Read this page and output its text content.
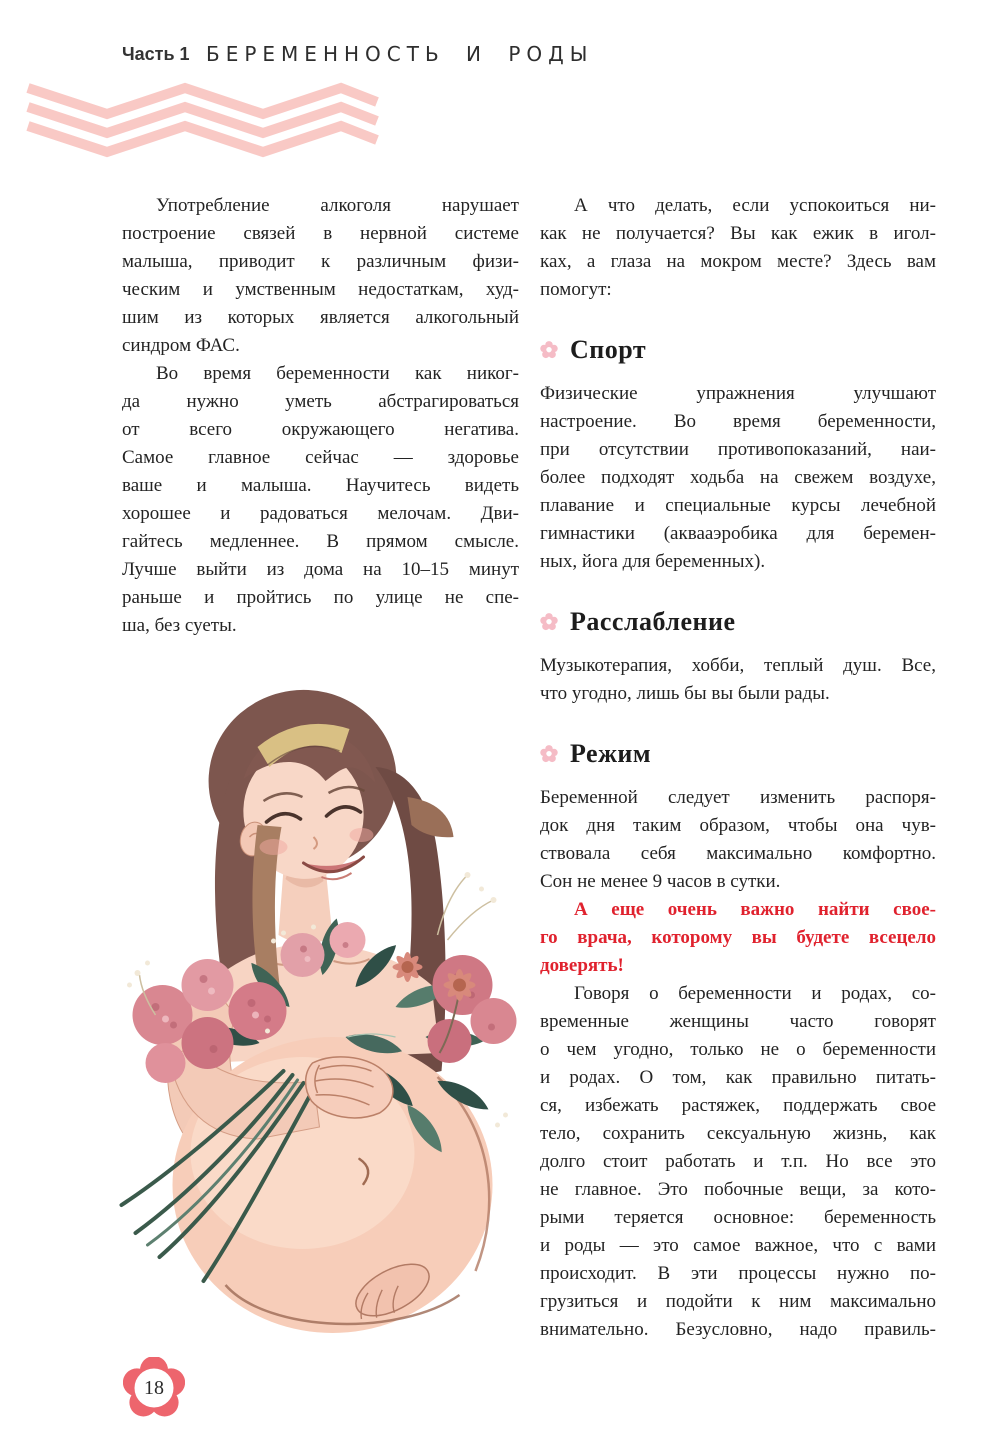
Часть 1 БЕРЕМЕННОСТЬ И РОДЫ
Употребление алкоголя нарушает
построение связей в нервной системе
малыша, приводит к различным физи-
ческим и умственным недостаткам, худ-
шим из которых является алкогольный
синдром ФАС.
Во время беременности как никог-
да нужно уметь абстрагироваться
от всего окружающего негатива.
Самое главное сейчас — здоровье
ваше и малыша. Научитесь видеть
хорошее и радоваться мелочам. Дви-
гайтесь медленнее. В прямом смысле.
Лучше выйти из дома на 10–15 минут
раньше и пройтись по улице не спе-
ша, без суеты.
А что делать, если успокоиться ни-
как не получается? Вы как ежик в игол-
ках, а глаза на мокром месте? Здесь вам
помогут:
Спорт
Физические упражнения улучшают
настроение. Во время беременности,
при отсутствии противопоказаний, наи-
более подходят ходьба на свежем воздухе,
плавание и специальные курсы лечебной
гимнастики (аквааэробика для беремен-
ных, йога для беременных).
Расслабление
Музыкотерапия, хобби, теплый душ. Все,
что угодно, лишь бы вы были рады.
Режим
Беременной следует изменить распоря-
док дня таким образом, чтобы она чув-
ствовала себя максимально комфортно.
Сон не менее 9 часов в сутки.
А еще очень важно найти свое-
го врача, которому вы будете всецело
доверять!
Говоря о беременности и родах, со-
временные женщины часто говорят
о чем угодно, только не о беременности
и родах. О том, как правильно питать-
ся, избежать растяжек, поддержать свое
тело, сохранить сексуальную жизнь, как
долго стоит работать и т.п. Но все это
не главное. Это побочные вещи, за кото-
рыми теряется основное: беременность
и роды — это самое важное, что с вами
происходит. В эти процессы нужно по-
грузиться и подойти к ним максимально
внимательно. Безусловно, надо правиль-
18
